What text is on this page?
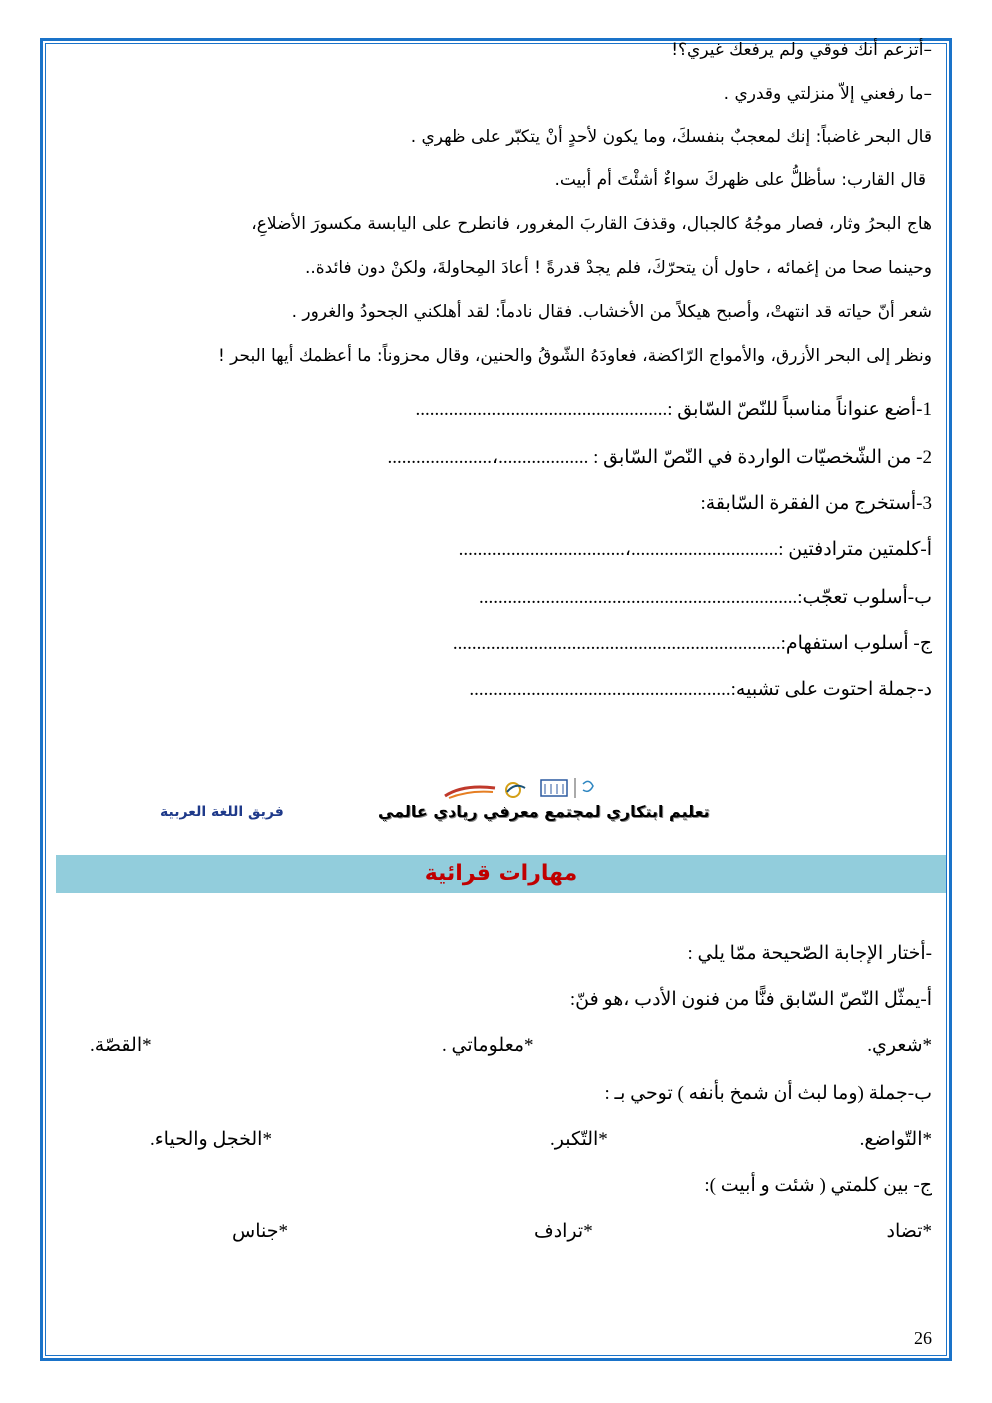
–أتزعم أنك فوقي ولم يرفعك غيري؟!
–ما رفعني إلاّ منزلتي وقدري .
قال البحر غاضباً: إنك لمعجبٌ بنفسكَ، وما يكون لأحدٍ أنْ يتكبّر على ظهري .
قال القارب: سأظلُّ على ظهركَ سواءٌ أشئْتَ أم أبيت.
هاج البحرُ وثار، فصار موجُهُ كالجبال، وقذفَ القاربَ المغرور، فانطرح على اليابسة مكسورَ الأضلاعِ،
وحينما صحا من إغمائه ، حاول أن يتحرّكَ، فلم يجدْ قدرةً ! أعادَ المِحاولةَ، ولكنْ دون فائدة..
شعر أنّ حياته قد انتهتْ، وأصبح هيكلاً من الأخشاب. فقال نادماً: لقد أهلكني الجحودُ والغرور .
ونظر إلى البحر الأزرق، والأمواج الرّاكضة، فعاودَهُ الشّوقُ والحنين، وقال محزوناً: ما أعظمك أيها البحر !
1-أضع عنواناً مناسباً للنّصّ السّابق :.....................................................
2- من الشّخصيّات الواردة في النّصّ السّابق : ...................،......................
3-أستخرج من الفقرة السّابقة:
أ-كلمتين مترادفتين :...............................،...................................
ب-أسلوب تعجّب:...................................................................
ج- أسلوب استفهام:.....................................................................
د-جملة احتوت على تشبيه:.......................................................
تعليم ابتكاري لمجتمع معرفي ريادي عالمي
فريق اللغة العربية
مهارات قرائية
-أختار الإجابة الصّحيحة ممّا يلي :
أ-يمثّل النّصّ السّابق فنًّا من فنون الأدب ،هو فنّ:
*شعري.
*معلوماتي .
*القصّة.
ب-جملة (وما لبث أن شمخ بأنفه ) توحي بـ :
*التّواضع.
*التّكبر.
*الخجل والحياء.
ج- بين كلمتي ( شئت و أبيت ):
*تضاد
*ترادف
*جناس
26
